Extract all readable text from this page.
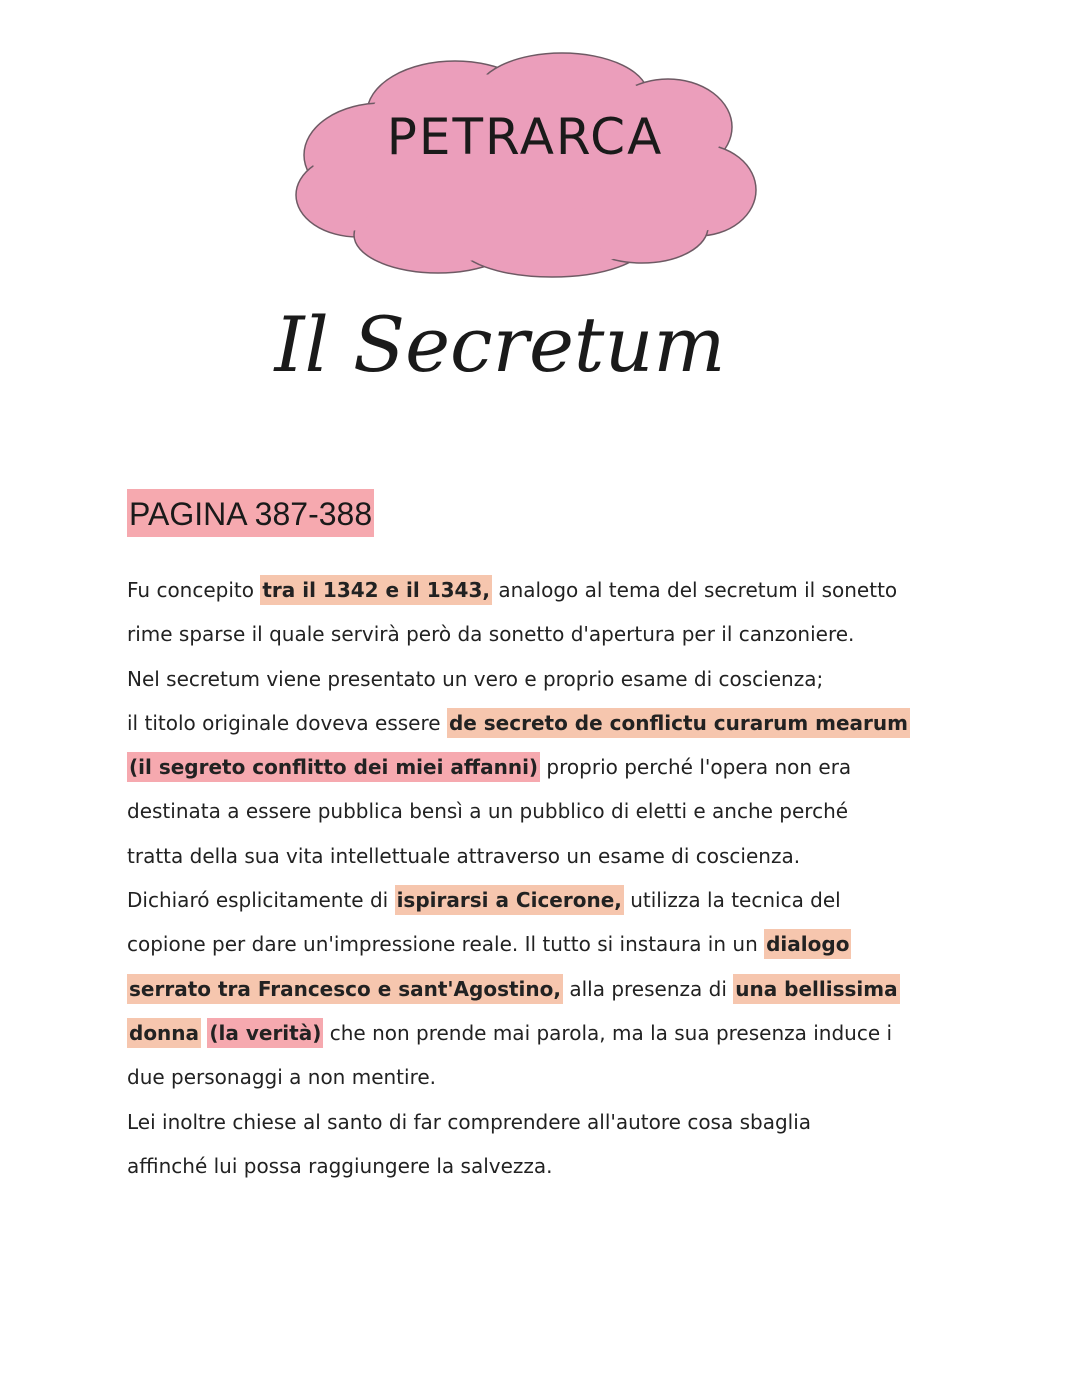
PETRARCA
Il Secretum
PAGINA 387-388
Fu concepito tra il 1342 e il 1343, analogo al tema del secretum il sonetto
rime sparse il quale servirà però da sonetto d'apertura per il canzoniere.
Nel secretum viene presentato un vero e proprio esame di coscienza;
il titolo originale doveva essere de secreto de conflictu curarum mearum
(il segreto conflitto dei miei affanni) proprio perché l'opera non era
destinata a essere pubblica bensì a un pubblico di eletti e anche perché
tratta della sua vita intellettuale attraverso un esame di coscienza.
Dichiaró esplicitamente di ispirarsi a Cicerone, utilizza la tecnica del
copione per dare un'impressione reale. Il tutto si instaura in un dialogo
serrato tra Francesco e sant'Agostino, alla presenza di una bellissima
donna (la verità) che non prende mai parola, ma la sua presenza induce i
due personaggi a non mentire.
Lei inoltre chiese al santo di far comprendere all'autore cosa sbaglia
affinché lui possa raggiungere la salvezza.
